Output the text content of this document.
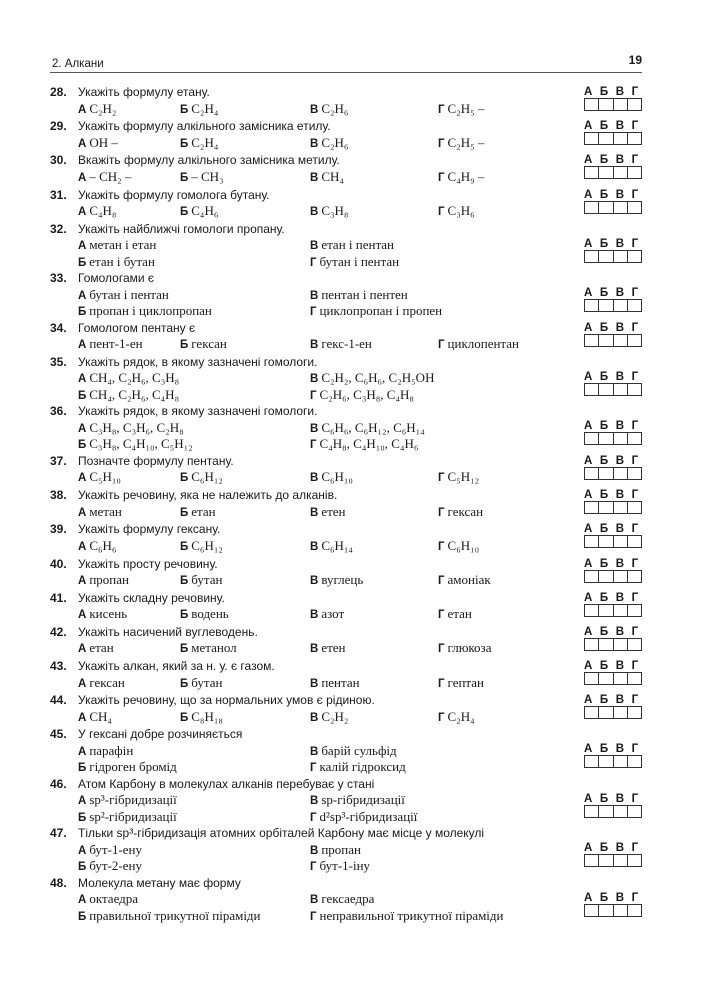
2. Алкани	19
28. Укажіть формулу етану.
А C₂H₂	Б C₂H₄	В C₂H₆	Г C₂H₅ –
А Б В Г
29. Укажіть формулу алкільного замісника етилу.
А OH –	Б C₂H₄	В C₂H₆	Г C₂H₅ –
А Б В Г
30. Вкажіть формулу алкільного замісника метилу.
А – CH₂ –	Б – CH₃	В CH₄	Г C₄H₉ –
А Б В Г
31. Укажіть формулу гомолога бутану.
А C₄H₈	Б C₄H₆	В C₃H₈	Г C₃H₆
А Б В Г
32. Укажіть найближчі гомологи пропану.
А метан і етан	В етан і пентан
Б етан і бутан	Г бутан і пентан
А Б В Г
33. Гомологами є
А бутан і пентан	В пентан і пентен
Б пропан і циклопропан	Г циклопропан і пропен
А Б В Г
34. Гомологом пентану є
А пент-1-ен	Б гексан	В гекс-1-ен	Г циклопентан
А Б В Г
35. Укажіть рядок, в якому зазначені гомологи.
А CH₄, C₂H₆, C₃H₈	В C₂H₂, C₆H₆, C₂H₅OH
Б CH₄, C₂H₆, C₄H₈	Г C₂H₆, C₃H₈, C₄H₈
А Б В Г
36. Укажіть рядок, в якому зазначені гомологи.
А C₃H₈, C₃H₆, C₂H₈	В C₆H₆, C₆H₁₂, C₆H₁₄
Б C₃H₈, C₄H₁₀, C₅H₁₂	Г C₄H₈, C₄H₁₀, C₄H₆
А Б В Г
37. Позначте формулу пентану.
А C₅H₁₀	Б C₆H₁₂	В C₆H₁₀	Г C₅H₁₂
А Б В Г
38. Укажіть речовину, яка не належить до алканів.
А метан	Б етан	В етен	Г гексан
А Б В Г
39. Укажіть формулу гексану.
А C₆H₆	Б C₆H₁₂	В C₆H₁₄	Г C₆H₁₀
А Б В Г
40. Укажіть просту речовину.
А пропан	Б бутан	В вуглець	Г амоніак
А Б В Г
41. Укажіть складну речовину.
А кисень	Б водень	В азот	Г етан
А Б В Г
42. Укажіть насичений вуглеводень.
А етан	Б метанол	В етен	Г глюкоза
А Б В Г
43. Укажіть алкан, який за н. у. є газом.
А гексан	Б бутан	В пентан	Г гептан
А Б В Г
44. Укажіть речовину, що за нормальних умов є рідиною.
А CH₄	Б C₈H₁₈	В C₂H₂	Г C₂H₄
А Б В Г
45. У гексані добре розчиняється
А парафін	В барій сульфід
Б гідроген бромід	Г калій гідроксид
А Б В Г
46. Атом Карбону в молекулах алканів перебуває у стані
А sp³-гібридизації	В sp-гібридизації
Б sp²-гібридизації	Г d²sp³-гібридизації
А Б В Г
47. Тільки sp³-гібридизація атомних орбіталей Карбону має місце у молекулі
А бут-1-ену	В пропан
Б бут-2-ену	Г бут-1-іну
А Б В Г
48. Молекула метану має форму
А октаедра	В гексаедра
Б правильної трикутної піраміди	Г неправильної трикутної піраміди
А Б В Г
